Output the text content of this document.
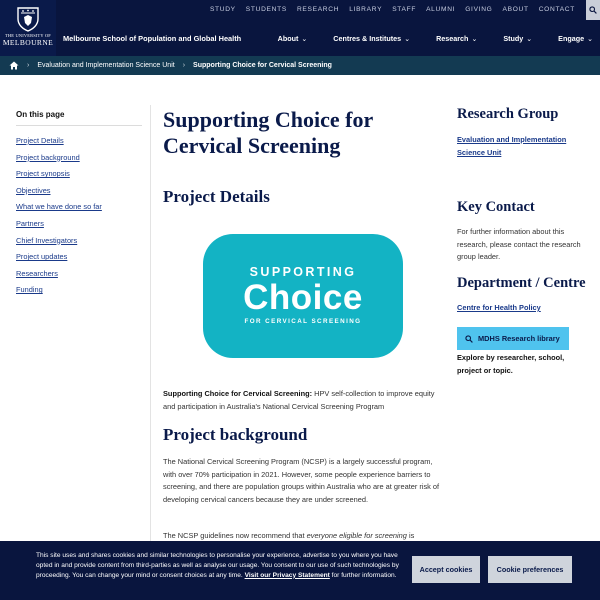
THE UNIVERSITY OF
MELBOURNE
STUDY	STUDENTS	RESEARCH	LIBRARY	STAFF	ALUMNI	GIVING	ABOUT	CONTACT
Melbourne School of Population and Global Health	About ⌄	Centres & Institutes ⌄	Research ⌄	Study ⌄	Engage ⌄
› Evaluation and Implementation Science Unit › Supporting Choice for Cervical Screening
On this page
Project Details
Project background
Project synopsis
Objectives
What we have done so far
Partners
Chief Investigators
Project updates
Researchers
Funding
Supporting Choice for Cervical Screening
Project Details
SUPPORTING
Choice
FOR CERVICAL SCREENING

Supporting Choice for Cervical Screening: HPV self-collection to improve equity and participation in Australia's National Cervical Screening Program

Project background

The National Cervical Screening Program (NCSP) is a largely successful program, with over 70% participation in 2021. However, some people experience barriers to screening, and there are population groups within Australia who are at greater risk of developing cervical cancers because they are under screened.

The NCSP guidelines now recommend that everyone eligible for screening is

Research Group
Evaluation and Implementation Science Unit
Key Contact

For further information about this research, please contact the research group leader.

Department / Centre
Centre for Health Policy
MDHS Research library

Explore by researcher, school, project or topic.

This site uses and shares cookies and similar technologies to personalise your experience, advertise to you where you have opted in and provide content from third-parties as well as analyse our usage. You consent to our use of such technologies by proceeding. You can change your mind or consent choices at any time. Visit our Privacy Statement for further information.

Accept cookies	Cookie preferences
